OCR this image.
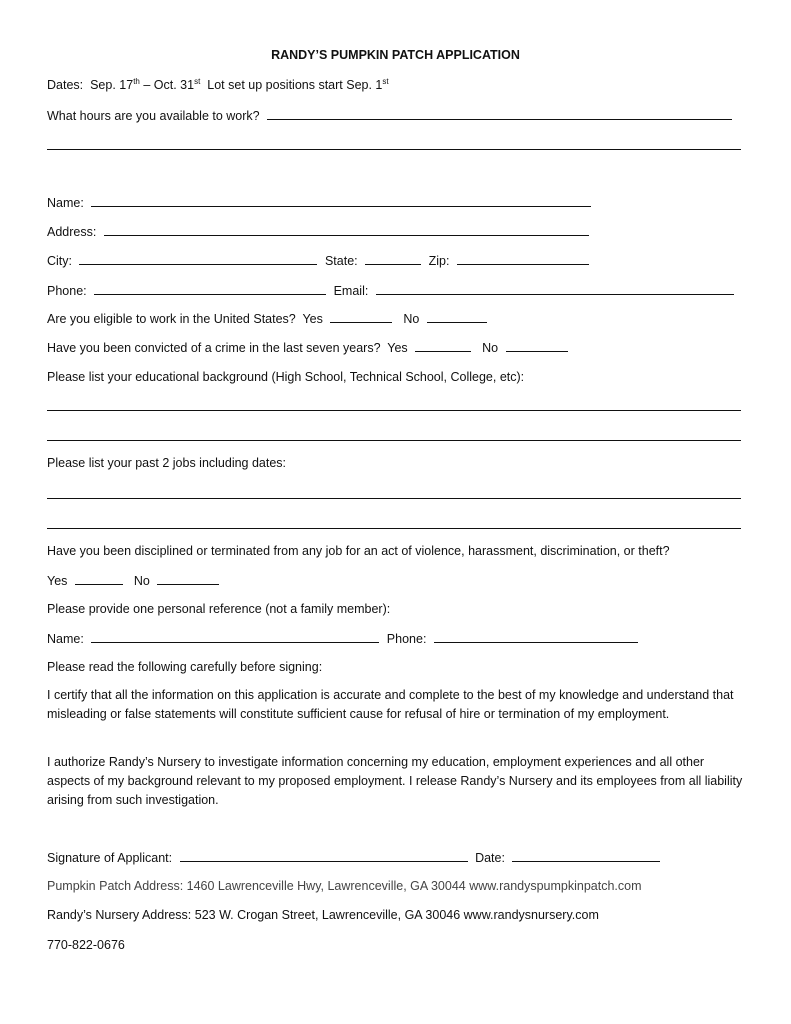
RANDY’S PUMPKIN PATCH APPLICATION
Dates: Sep. 17th – Oct. 31st Lot set up positions start Sep. 1st
What hours are you available to work?
Name:
Address:
City:	State:	Zip:
Phone:	Email:
Are you eligible to work in the United States? Yes	No
Have you been convicted of a crime in the last seven years? Yes	No
Please list your educational background (High School, Technical School, College, etc):
Please list your past 2 jobs including dates:
Have you been disciplined or terminated from any job for an act of violence, harassment, discrimination, or theft?
Yes	No
Please provide one personal reference (not a family member):
Name:	Phone:
Please read the following carefully before signing:
I certify that all the information on this application is accurate and complete to the best of my knowledge and understand that misleading or false statements will constitute sufficient cause for refusal of hire or termination of my employment.
I authorize Randy’s Nursery to investigate information concerning my education, employment experiences and all other aspects of my background relevant to my proposed employment. I release Randy’s Nursery and its employees from all liability arising from such investigation.
Signature of Applicant:	Date:
Pumpkin Patch Address: 1460 Lawrenceville Hwy, Lawrenceville, GA 30044 www.randyspumpkinpatch.com
Randy’s Nursery Address: 523 W. Crogan Street, Lawrenceville, GA 30046 www.randysnursery.com
770-822-0676
